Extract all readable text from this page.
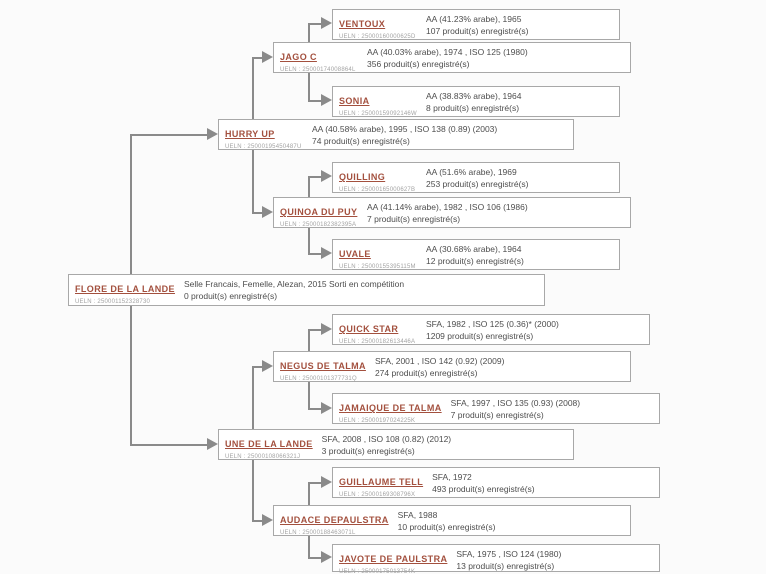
VENTOUX
UELN : 25000160000625D
AA (41.23% arabe), 1965
107 produit(s) enregistré(s)
JAGO C
UELN : 25000174008864L
AA (40.03% arabe), 1974 , ISO 125 (1980)
356 produit(s) enregistré(s)
SONIA
UELN : 25000159092146W
AA (38.83% arabe), 1964
8 produit(s) enregistré(s)
HURRY UP
UELN : 25000195450487U
AA (40.58% arabe), 1995 , ISO 138 (0.89) (2003)
74 produit(s) enregistré(s)
QUILLING
UELN : 25000165000627B
AA (51.6% arabe), 1969
253 produit(s) enregistré(s)
QUINOA DU PUY
UELN : 25000182382395A
AA (41.14% arabe), 1982 , ISO 106 (1986)
7 produit(s) enregistré(s)
UVALE
UELN : 25000155395115M
AA (30.68% arabe), 1964
12 produit(s) enregistré(s)
FLORE DE LA LANDE
UELN : 250001152328730
Selle Francais, Femelle, Alezan, 2015 Sorti en compétition
0 produit(s) enregistré(s)
QUICK STAR
UELN : 25000182613446A
SFA, 1982 , ISO 125 (0.36)* (2000)
1209 produit(s) enregistré(s)
NEGUS DE TALMA
UELN : 25000101377731Q
SFA, 2001 , ISO 142 (0.92) (2009)
274 produit(s) enregistré(s)
JAMAIQUE DE TALMA
UELN : 25000197024225K
SFA, 1997 , ISO 135 (0.93) (2008)
7 produit(s) enregistré(s)
UNE DE LA LANDE
UELN : 25000108066321J
SFA, 2008 , ISO 108 (0.82) (2012)
3 produit(s) enregistré(s)
GUILLAUME TELL
UELN : 25000169308796X
SFA, 1972
493 produit(s) enregistré(s)
AUDACE DEPAULSTRA
UELN : 25000188463071L
SFA, 1988
10 produit(s) enregistré(s)
JAVOTE DE PAULSTRA
UELN : 25000175013754K
SFA, 1975 , ISO 124 (1980)
13 produit(s) enregistré(s)
